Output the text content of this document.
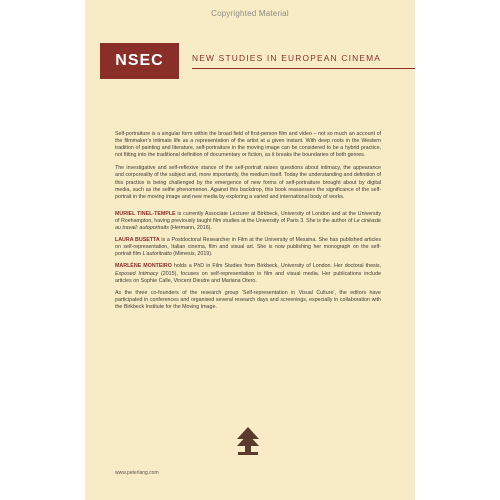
Copyrighted Material
NSEC	NEW STUDIES IN EUROPEAN CINEMA

Self-portraiture is a singular form within the broad field of first-person film and video – not so much an account of the filmmaker’s intimate life as a representation of the artist at a given instant. With deep roots in the Western tradition of painting and literature, self-portraiture in the moving image can be considered to be a hybrid practice, not fitting into the traditional definition of documentary or fiction, as it breaks the boundaries of both genres.

The investigative and self-reflexive stance of the self-portrait raises questions about intimacy, the appearance and corporeality of the subject and, more importantly, the medium itself. Today the understanding and definition of this practice is being challenged by the emergence of new forms of self-portraiture brought about by digital media, such as the selfie phenomenon. Against this backdrop, this book reassesses the significance of the self-portrait in the moving image and new media by exploring a varied and international body of works.

MURIEL TINEL-TEMPLE is currently Associate Lecturer at Birkbeck, University of London and at the University of Roehampton, having previously taught film studies at the University of Paris 3. She is the author of Le cinéaste au travail: autoportraits (Hermann, 2016).

LAURA BUSETTA is a Postdoctoral Researcher in Film at the University of Messina. She has published articles on self-representation, Italian cinema, film and visual art. She is now publishing her monograph on the self-portrait film L’autoritratto (Mimesis, 2019).

MARLÈNE MONTEIRO holds a PhD in Film Studies from Birkbeck, University of London. Her doctoral thesis, Exposed Intimacy (2015), focuses on self-representation in film and visual media. Her publications include articles on Sophie Calle, Vincent Dieutre and Mariana Otero.

As the three co-founders of the research group ‘Self-representation in Visual Culture’, the editors have participated in conferences and organised several research days and screenings, especially in collaboration with the Birkbeck Institute for the Moving Image.

www.peterlang.com
